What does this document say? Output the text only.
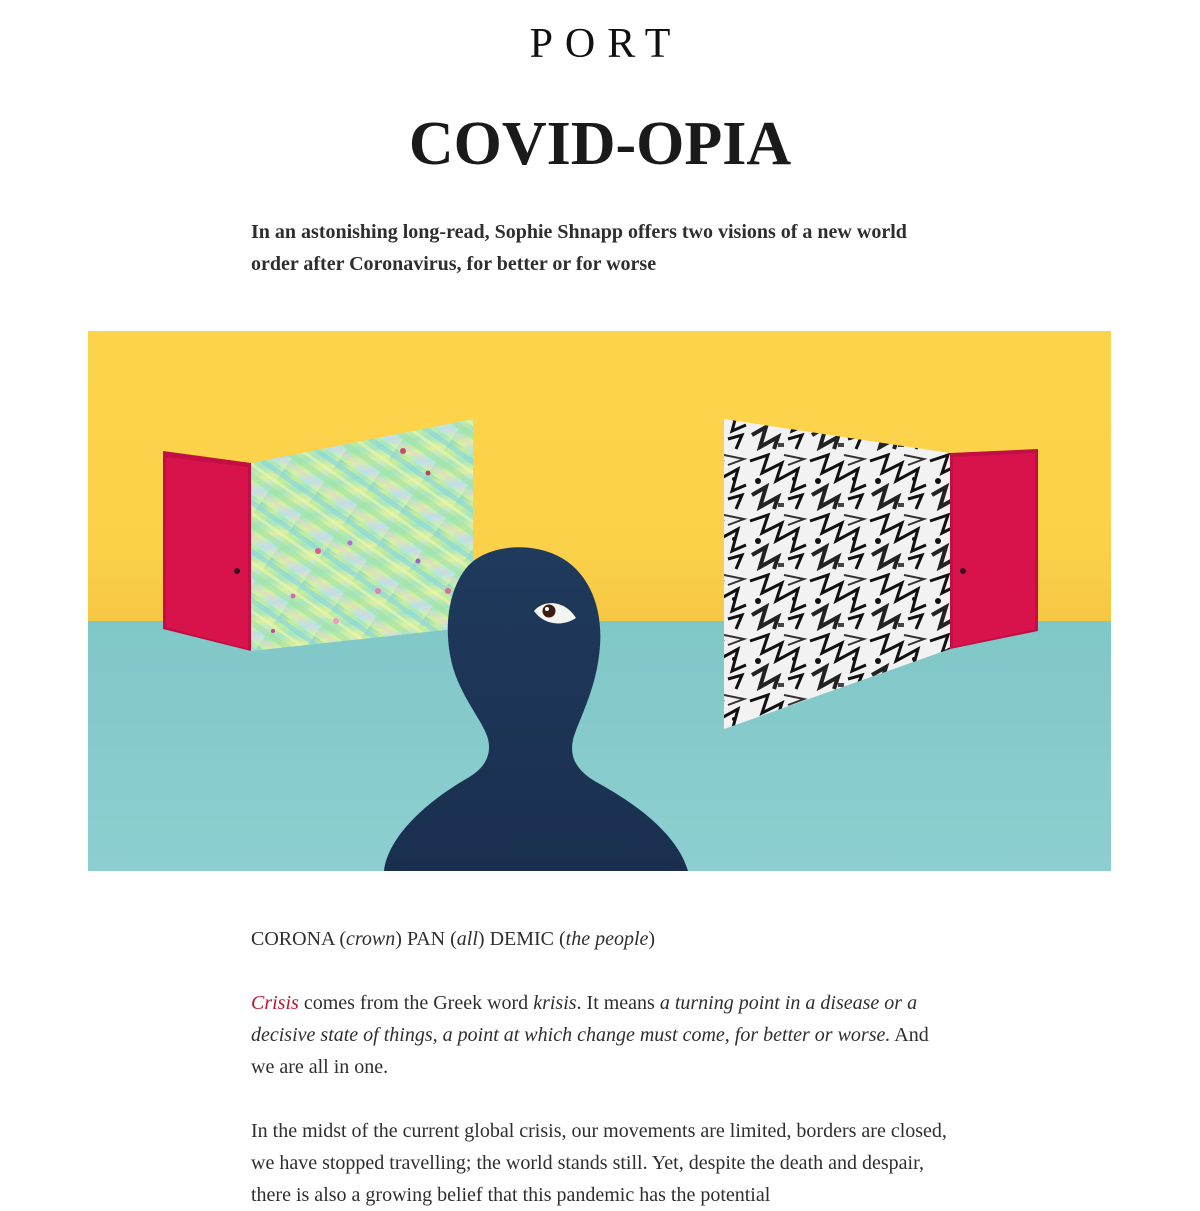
PORT
COVID-OPIA

In an astonishing long-read, Sophie Shnapp offers two visions of a new world order after Coronavirus, for better or for worse

CORONA (crown) PAN (all) DEMIC (the people)

Crisis comes from the Greek word krisis. It means a turning point in a disease or a decisive state of things, a point at which change must come, for better or worse. And we are all in one.

In the midst of the current global crisis, our movements are limited, borders are closed, we have stopped travelling; the world stands still. Yet, despite the death and despair, there is also a growing belief that this pandemic has the potential
